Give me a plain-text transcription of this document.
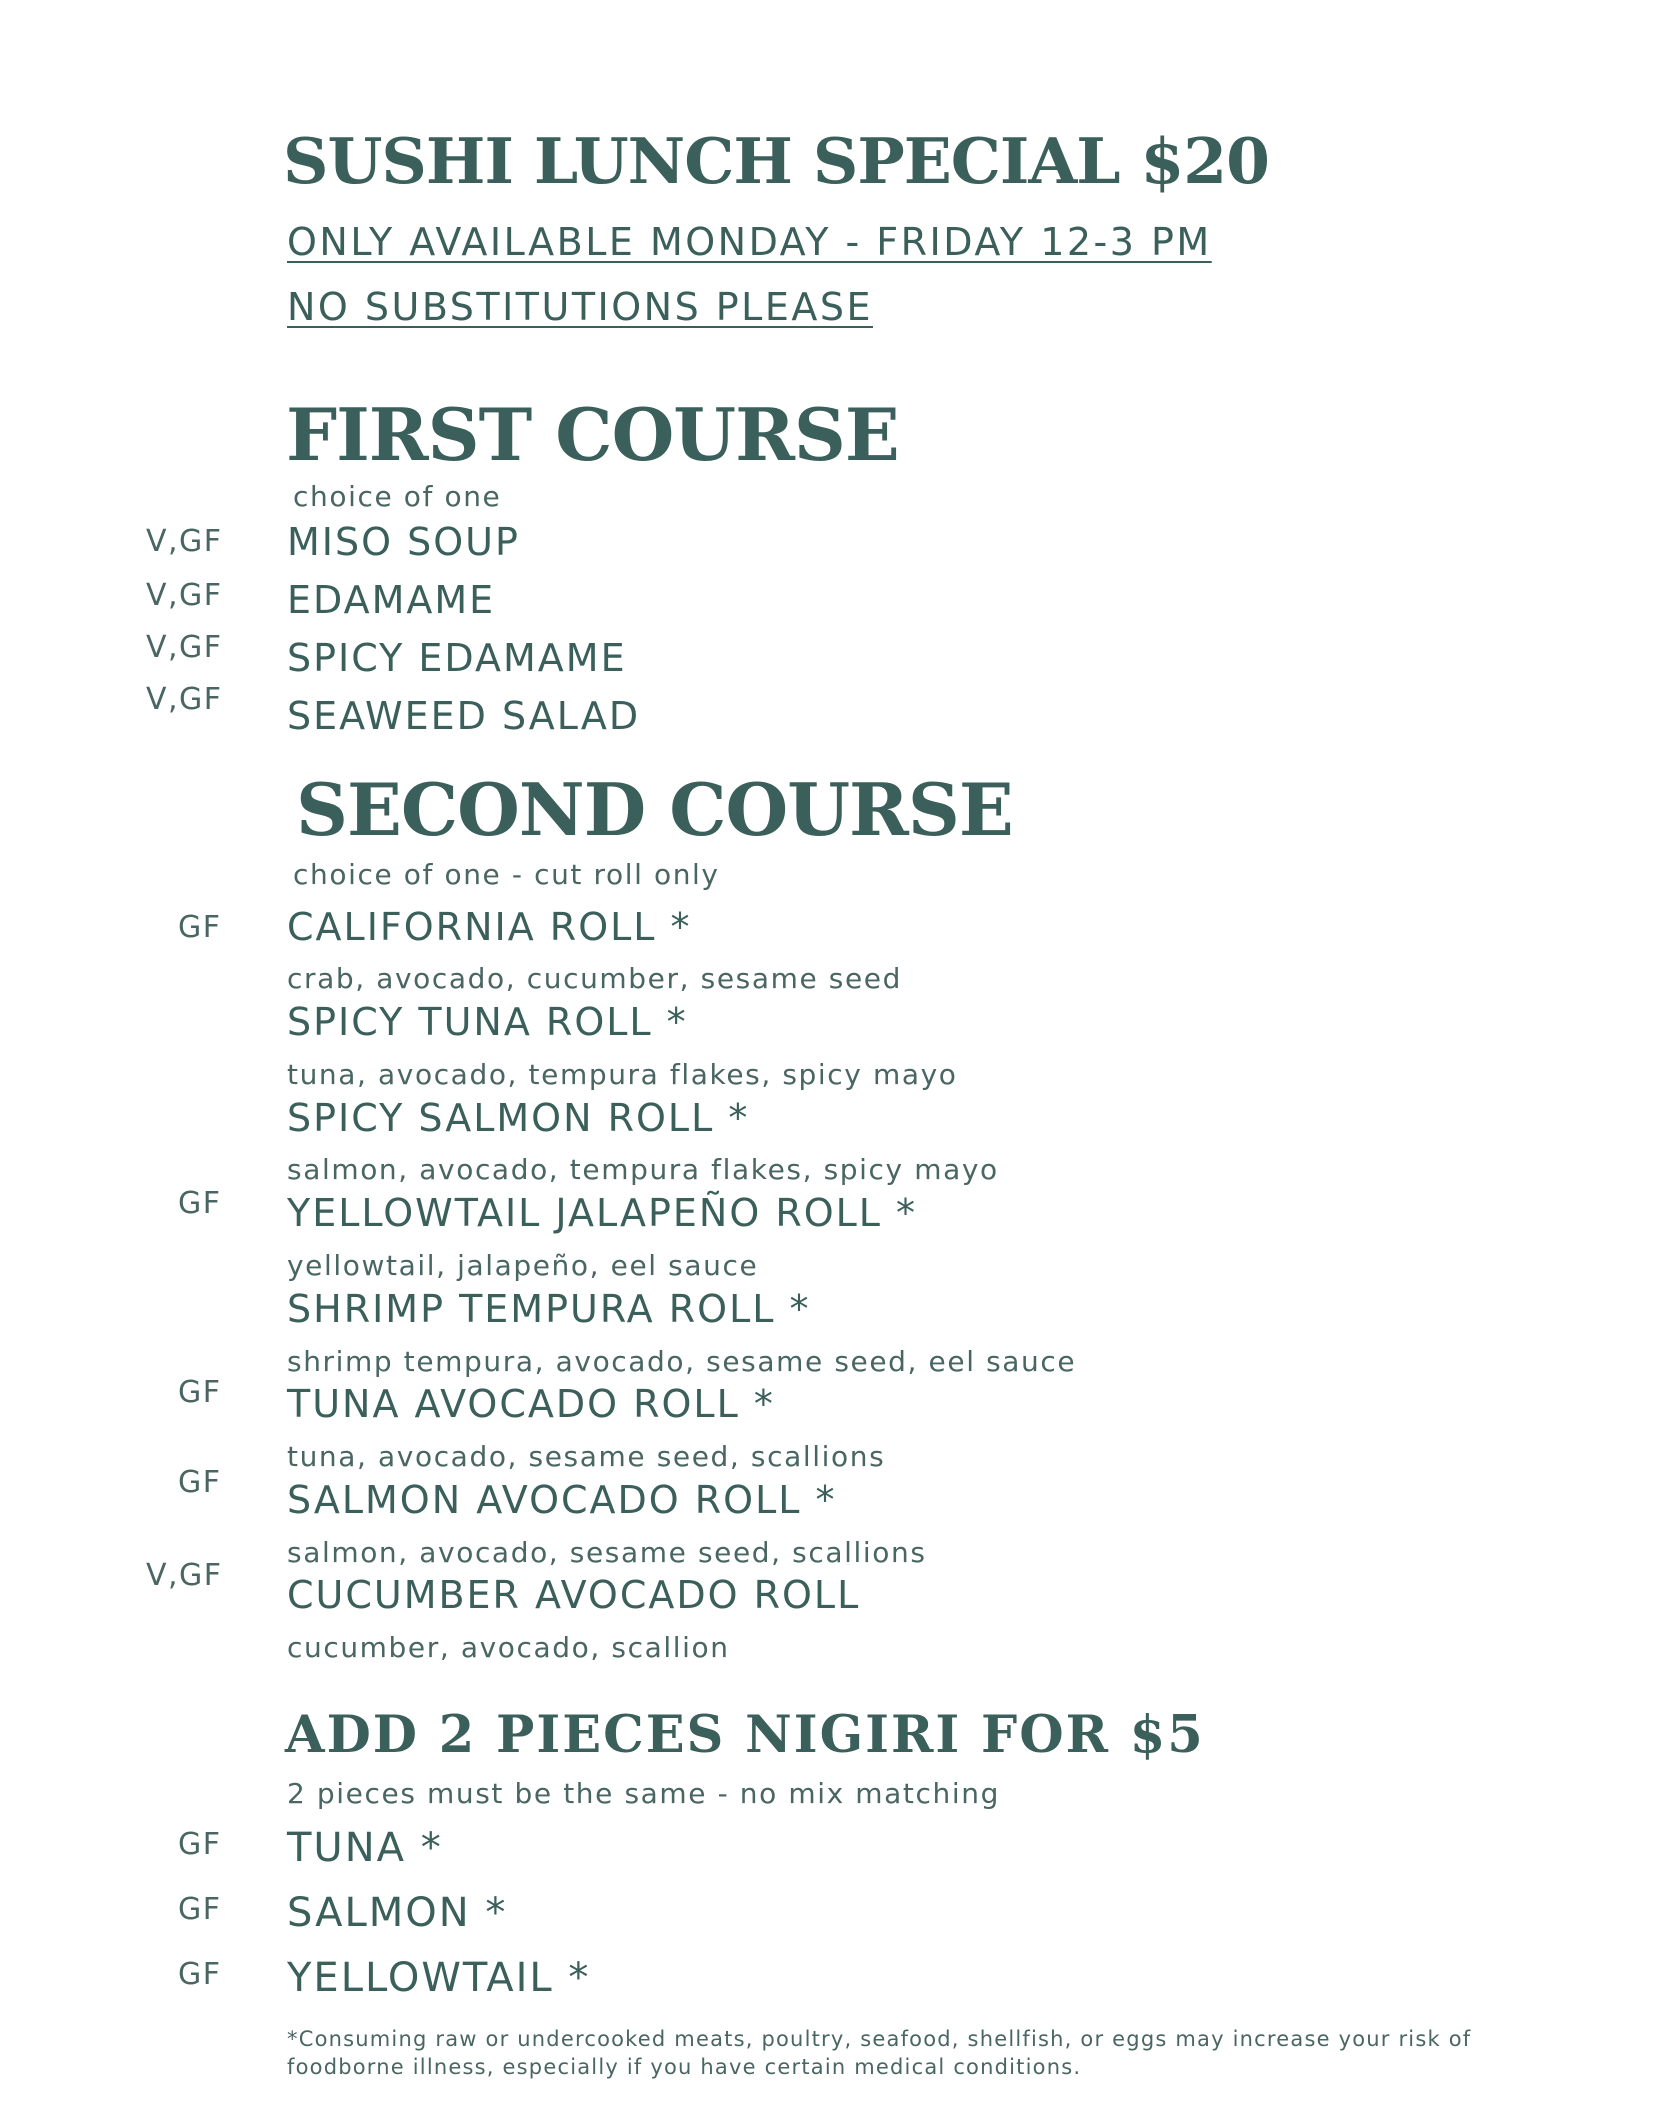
SUSHI LUNCH SPECIAL $20
ONLY AVAILABLE MONDAY - FRIDAY 12-3 PM
NO SUBSTITUTIONS PLEASE
FIRST COURSE
choice of one
V,GF MISO SOUP
V,GF EDAMAME
V,GF SPICY EDAMAME
V,GF SEAWEED SALAD
SECOND COURSE
choice of one - cut roll only
GF CALIFORNIA ROLL *
crab, avocado, cucumber, sesame seed
SPICY TUNA ROLL *
tuna, avocado, tempura flakes, spicy mayo
SPICY SALMON ROLL *
salmon, avocado, tempura flakes, spicy mayo
GF YELLOWTAIL JALAPEÑO ROLL *
yellowtail, jalapeño, eel sauce
SHRIMP TEMPURA ROLL *
shrimp tempura, avocado, sesame seed, eel sauce
GF TUNA AVOCADO ROLL *
tuna, avocado, sesame seed, scallions
GF SALMON AVOCADO ROLL *
salmon, avocado, sesame seed, scallions
V,GF CUCUMBER AVOCADO ROLL
cucumber, avocado, scallion
ADD 2 PIECES NIGIRI FOR $5
2 pieces must be the same - no mix matching
GF TUNA *
GF SALMON *
GF YELLOWTAIL *
*Consuming raw or undercooked meats, poultry, seafood, shellfish, or eggs may increase your risk of
foodborne illness, especially if you have certain medical conditions.
